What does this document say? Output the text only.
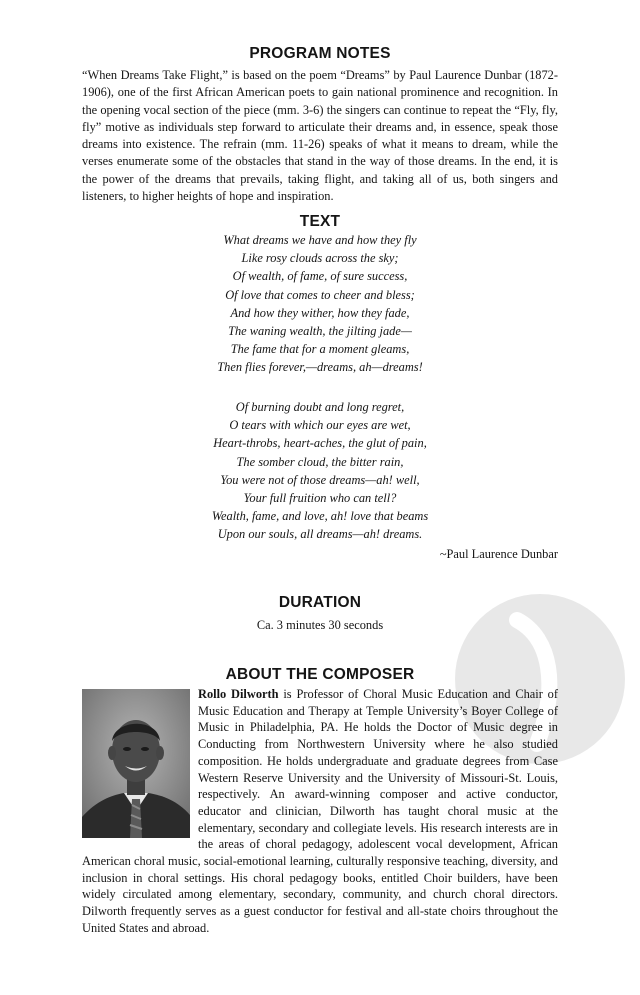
PROGRAM NOTES

“When Dreams Take Flight,” is based on the poem “Dreams” by Paul Laurence Dunbar (1872-1906), one of the first African American poets to gain national prominence and recognition. In the opening vocal section of the piece (mm. 3-6) the singers can continue to repeat the “Fly, fly, fly” motive as individuals step forward to articulate their dreams and, in essence, speak those dreams into existence. The refrain (mm. 11-26) speaks of what it means to dream, while the verses enumerate some of the obstacles that stand in the way of those dreams. In the end, it is the power of the dreams that prevails, taking flight, and taking all of us, both singers and listeners, to higher heights of hope and inspiration.

TEXT
What dreams we have and how they fly
Like rosy clouds across the sky;
Of wealth, of fame, of sure success,
Of love that comes to cheer and bless;
And how they wither, how they fade,
The waning wealth, the jilting jade—
The fame that for a moment gleams,
Then flies forever,—dreams, ah—dreams!
Of burning doubt and long regret,
O tears with which our eyes are wet,
Heart-throbs, heart-aches, the glut of pain,
The somber cloud, the bitter rain,
You were not of those dreams—ah! well,
Your full fruition who can tell?
Wealth, fame, and love, ah! love that beams
Upon our souls, all dreams—ah! dreams.
~Paul Laurence Dunbar
DURATION
Ca. 3 minutes 30 seconds
ABOUT THE COMPOSER

Rollo Dilworth is Professor of Choral Music Education and Chair of Music Education and Therapy at Temple University’s Boyer College of Music in Philadelphia, PA. He holds the Doctor of Music degree in Conducting from Northwestern University where he also studied composition. He holds undergraduate and graduate degrees from Case Western Reserve University and the University of Missouri-St. Louis, respectively. An award-winning composer and active conductor, educator and clinician, Dilworth has taught choral music at the elementary, secondary and collegiate levels. His research interests are in the areas of choral pedagogy, adolescent vocal development, African American choral music, social-emotional learning, culturally responsive teaching, diversity, and inclusion in choral settings. His choral pedagogy books, entitled Choir builders, have been widely circulated among elementary, secondary, community, and church choral directors. Dilworth frequently serves as a guest conductor for festival and all-state choirs throughout the United States and abroad.
